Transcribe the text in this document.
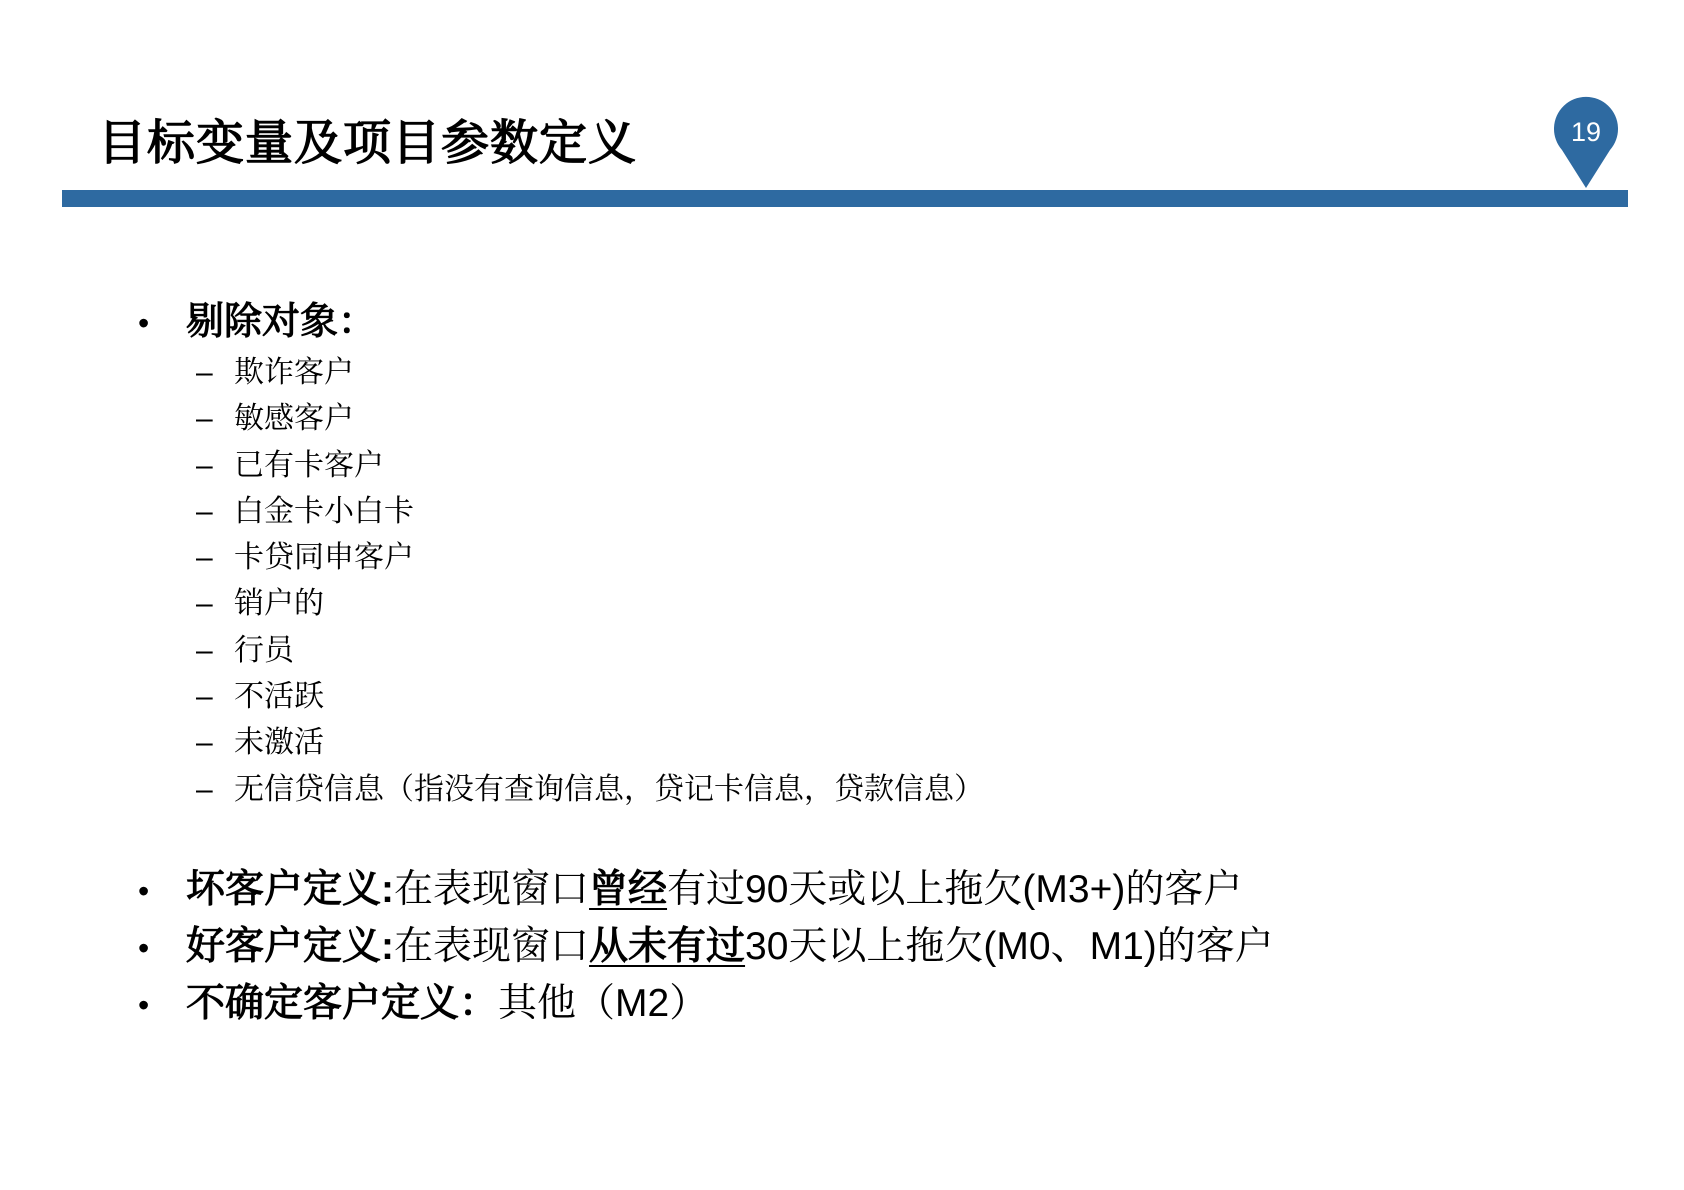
目标变量及项目参数定义	19
• 剔除对象：
– 欺诈客户
– 敏感客户
– 已有卡客户
– 白金卡小白卡
– 卡贷同申客户
– 销户的
– 行员
– 不活跃
– 未激活
– 无信贷信息（指没有查询信息，贷记卡信息，贷款信息）
• 坏客户定义:在表现窗口曾经有过90天或以上拖欠(M3+)的客户
• 好客户定义:在表现窗口从未有过30天以上拖欠(M0、M1)的客户
• 不确定客户定义：其他（M2）
